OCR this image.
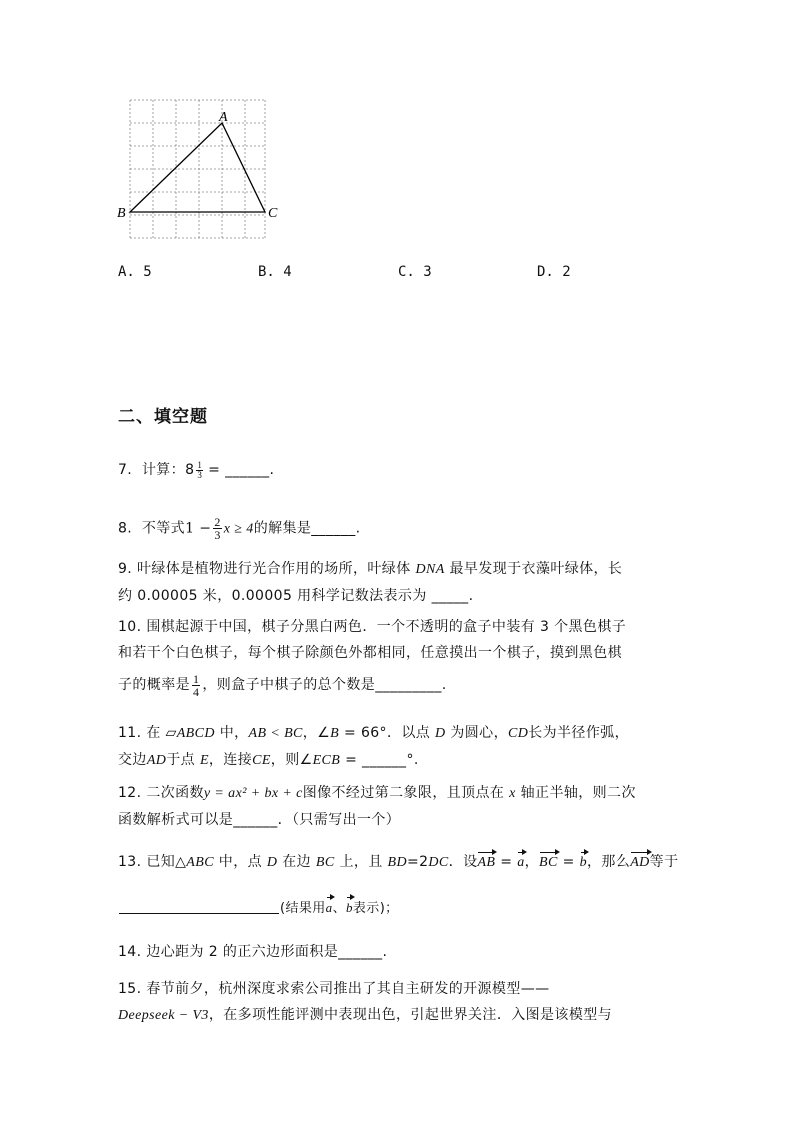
A
B	C
A. 5	B. 4	C. 3	D. 2
二、填空题
7. 计算：$8 \frac{1}{3}$ = ______.
8. 不等式$1 - \frac{2}{3}$ x ≥ 4的解集是______.
9. 叶绿体是植物进行光合作用的场所，叶绿体 DNA 最早发现于衣藻叶绿体，长
约 0.00005 米，0.00005 用科学记数法表示为 _____.
10. 围棋起源于中国，棋子分黑白两色．一个不透明的盒子中装有 3 个黑色棋子
和若干个白色棋子，每个棋子除颜色外都相同，任意摸出一个棋子，摸到黑色棋
子的概率是 $\frac{1}{4}$ ，则盒子中棋子的总个数是_________.
11. 在 ▱ABCD 中，AB < BC，∠B = 66°．以点 D 为圆心，CD长为半径作弧，
交边AD于点 E，连接CE，则∠ECB = ______°.
12. 二次函数y = ax² + bx + c图像不经过第二象限，且顶点在 x 轴正半轴，则二次
函数解析式可以是______．（只需写出一个）
13. 已知△ABC 中，点 D 在边 BC 上，且 BD=2DC．设AB = a，BC = b，那么AD等于
(结果用a、b表示)；
14. 边心距为 2 的正六边形面积是______.
15. 春节前夕，杭州深度求索公司推出了其自主研发的开源模型——
Deepseek − V3，在多项性能评测中表现出色，引起世界关注．入图是该模型与
